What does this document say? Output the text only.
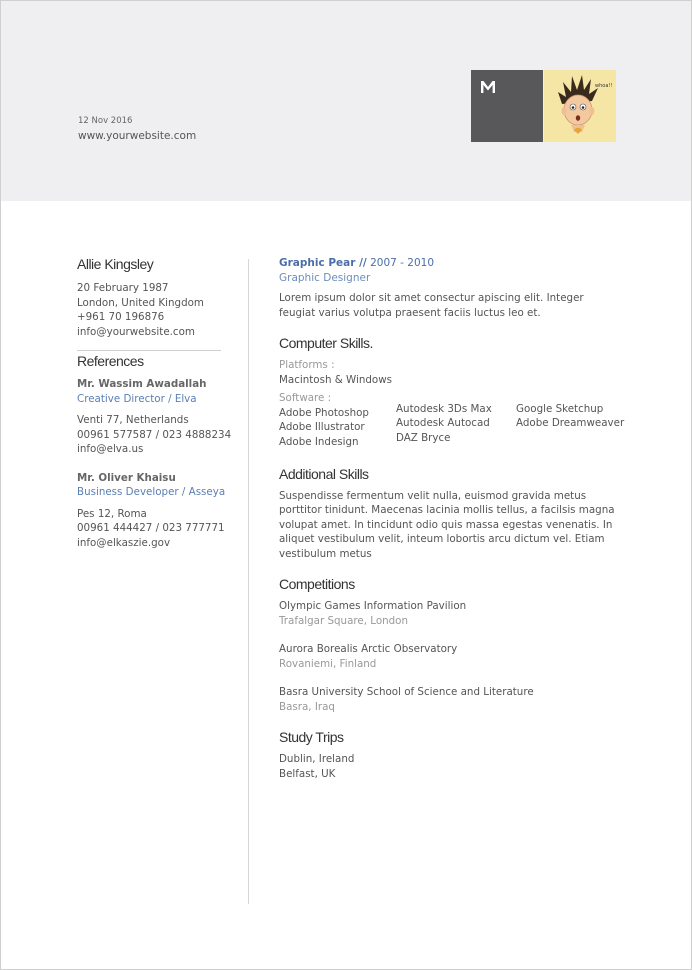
12 Nov 2016
www.yourwebsite.com
whoa!!
Allie Kingsley
20 February 1987
London, United Kingdom
+961 70 196876
info@yourwebsite.com
References
Mr. Wassim Awadallah
Creative Director / Elva
Venti 77, Netherlands
00961 577587 / 023 4888234
info@elva.us
Mr. Oliver Khaisu
Business Developer / Asseya
Pes 12, Roma
00961 444427 / 023 777771
info@elkaszie.gov
Graphic Pear // 2007 - 2010
Graphic Designer
Lorem ipsum dolor sit amet consectur apiscing elit. Integer feugiat varius volutpa praesent faciis luctus leo et.
Computer Skills.
Platforms :
Macintosh & Windows
Software :
Adobe Photoshop
Adobe Illustrator
Adobe Indesign
Autodesk 3Ds Max
Autodesk Autocad
DAZ Bryce
Google Sketchup
Adobe Dreamweaver
Additional Skills
Suspendisse fermentum velit nulla, euismod gravida metus porttitor tinidunt. Maecenas lacinia mollis tellus, a facilsis magna volupat amet. In tincidunt odio quis massa egestas venenatis. In aliquet vestibulum velit, inteum lobortis arcu dictum vel. Etiam vestibulum metus
Competitions
Olympic Games Information Pavilion
Trafalgar Square, London
Aurora Borealis Arctic Observatory
Rovaniemi, Finland
Basra University School of Science and Literature
Basra, Iraq
Study Trips
Dublin, Ireland
Belfast, UK
